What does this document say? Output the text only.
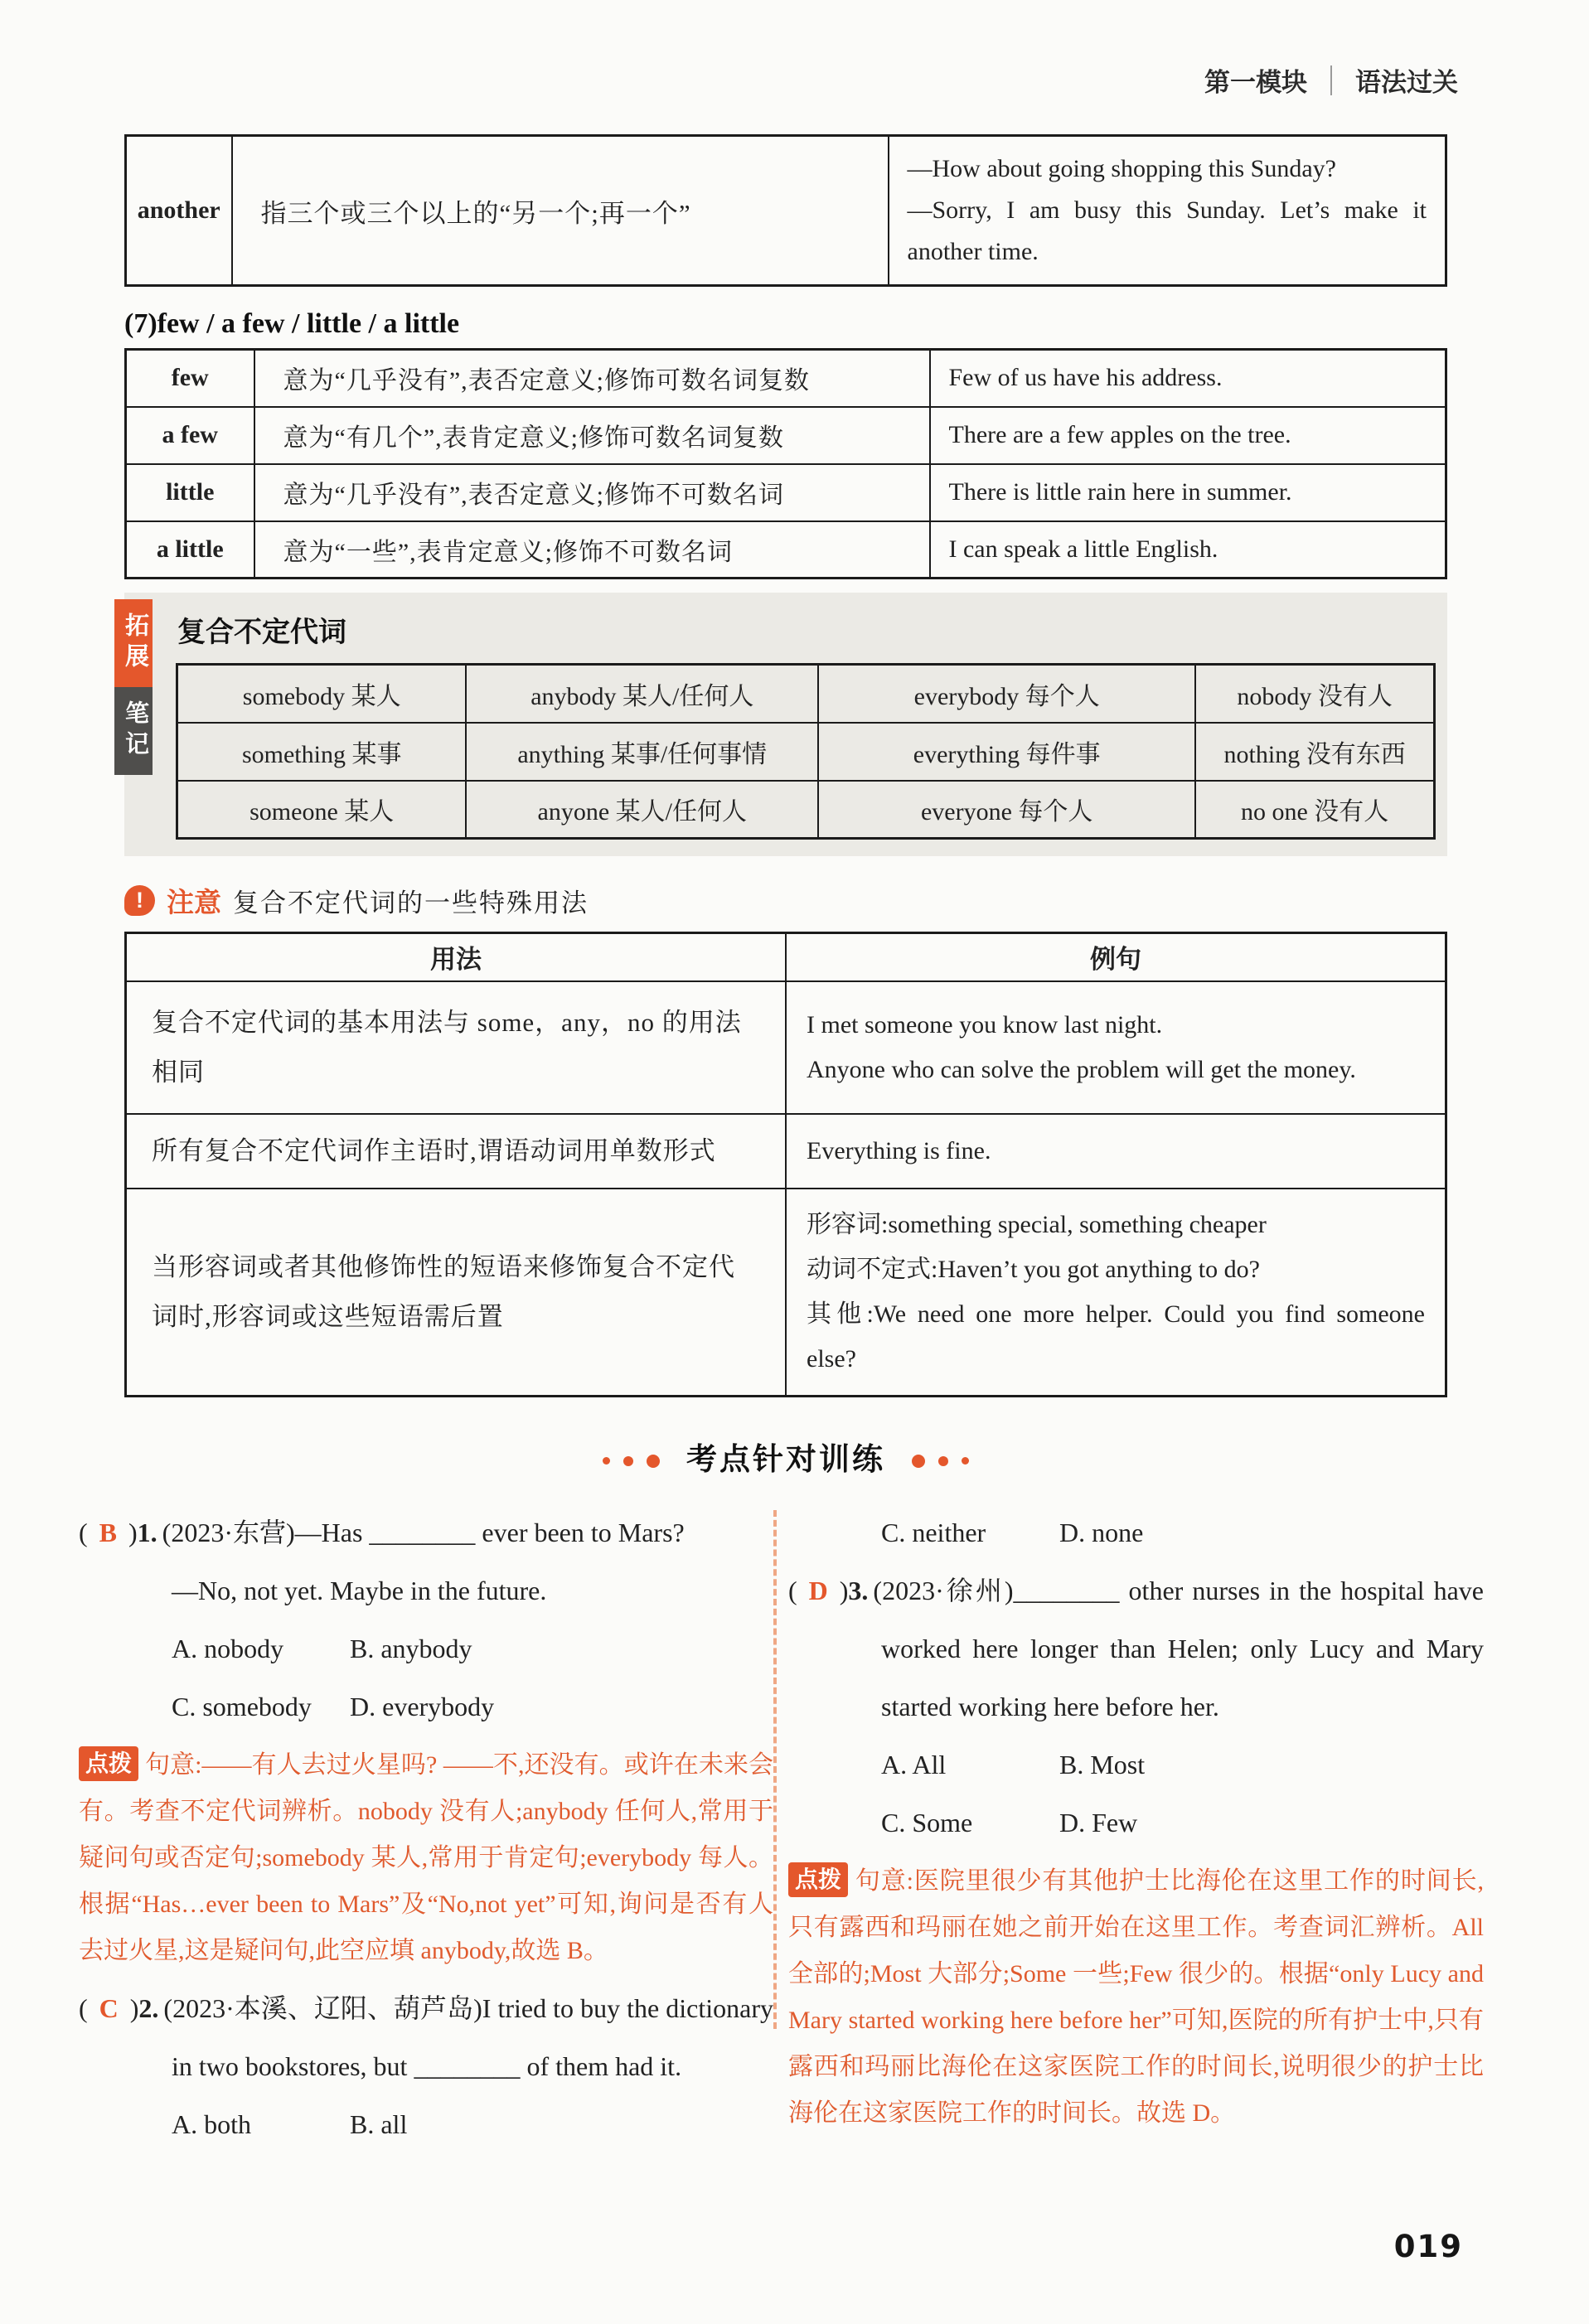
第一模块 语法过关
another	指三个或三个以上的“另一个;再一个”	
—How about going shopping this Sunday?
—Sorry, I am busy this Sunday. Let’s make it another time.
(7)few / a few / little / a little
few	意为“几乎没有”,表否定意义;修饰可数名词复数	Few of us have his address.
a few	意为“有几个”,表肯定意义;修饰可数名词复数	There are a few apples on the tree.
little	意为“几乎没有”,表否定意义;修饰不可数名词	There is little rain here in summer.
a little	意为“一些”,表肯定意义;修饰不可数名词	I can speak a little English.
拓展
笔记
复合不定代词
somebody 某人	anybody 某人/任何人	everybody 每个人	nobody 没有人
something 某事	anything 某事/任何事情	everything 每件事	nothing 没有东西
someone 某人	anyone 某人/任何人	everyone 每个人	no one 没有人
! 注意 复合不定代词的一些特殊用法
用法	例句
复合不定代词的基本用法与 some，any，no 的用法相同	I met someone you know last night.
Anyone who can solve the problem will get the money.

所有复合不定代词作主语时,谓语动词用单数形式	Everything is fine.

当形容词或者其他修饰性的短语来修饰复合不定代词时,形容词或这些短语需后置	形容词:something special, something cheaper
动词不定式:Haven’t you got anything to do?
其他:We need one more helper. Could you find someone else?
考点针对训练
( B )1. (2023·东营)—Has ________ ever been to Mars?
—No, not yet. Maybe in the future.
A. nobody	B. anybody
C. somebody	D. everybody
点拨 句意:——有人去过火星吗? ——不,还没有。或许在未来会有。考查不定代词辨析。nobody 没有人;anybody 任何人,常用于疑问句或否定句;somebody 某人,常用于肯定句;everybody 每人。根据“Has…ever been to Mars”及“No,not yet”可知,询问是否有人去过火星,这是疑问句,此空应填 anybody,故选 B。
( C )2. (2023·本溪、辽阳、葫芦岛)I tried to buy the dictionary in two bookstores, but ________ of them had it.
A. both	B. all
C. neither	D. none
( D )3. (2023·徐州)________ other nurses in the hospital have worked here longer than Helen; only Lucy and Mary started working here before her.
A. All	B. Most
C. Some	D. Few
点拨 句意:医院里很少有其他护士比海伦在这里工作的时间长,只有露西和玛丽在她之前开始在这里工作。考查词汇辨析。All 全部的;Most 大部分;Some 一些;Few 很少的。根据“only Lucy and Mary started working here before her”可知,医院的所有护士中,只有露西和玛丽比海伦在这家医院工作的时间长,说明很少的护士比海伦在这家医院工作的时间长。故选 D。
019
